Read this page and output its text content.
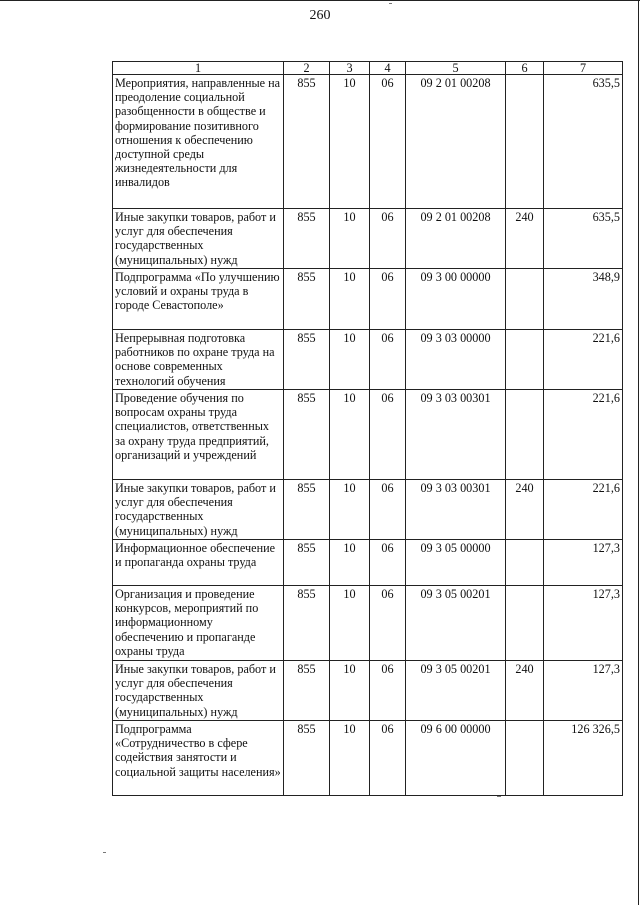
260
1	2	3	4	5	6	7
Мероприятия, направленные на преодоление социальной разобщенности в обществе и формирование позитивного отношения к обеспечению доступной среды жизнедеятельности для инвалидов	855	10	06	09 2 01 00208		635,5
Иные закупки товаров, работ и услуг для обеспечения государственных (муниципальных) нужд	855	10	06	09 2 01 00208	240	635,5
Подпрограмма «По улучшению условий и охраны труда в городе Севастополе»	855	10	06	09 3 00 00000		348,9
Непрерывная подготовка работников по охране труда на основе современных технологий обучения	855	10	06	09 3 03 00000		221,6
Проведение обучения по вопросам охраны труда специалистов, ответственных за охрану труда предприятий, организаций и учреждений	855	10	06	09 3 03 00301		221,6
Иные закупки товаров, работ и услуг для обеспечения государственных (муниципальных) нужд	855	10	06	09 3 03 00301	240	221,6
Информационное обеспечение и пропаганда охраны труда	855	10	06	09 3 05 00000		127,3
Организация и проведение конкурсов, мероприятий по информационному обеспечению и пропаганде охраны труда	855	10	06	09 3 05 00201		127,3
Иные закупки товаров, работ и услуг для обеспечения государственных (муниципальных) нужд	855	10	06	09 3 05 00201	240	127,3
Подпрограмма «Сотрудничество в сфере содействия занятости и социальной защиты населения»	855	10	06	09 6 00 00000		126 326,5
